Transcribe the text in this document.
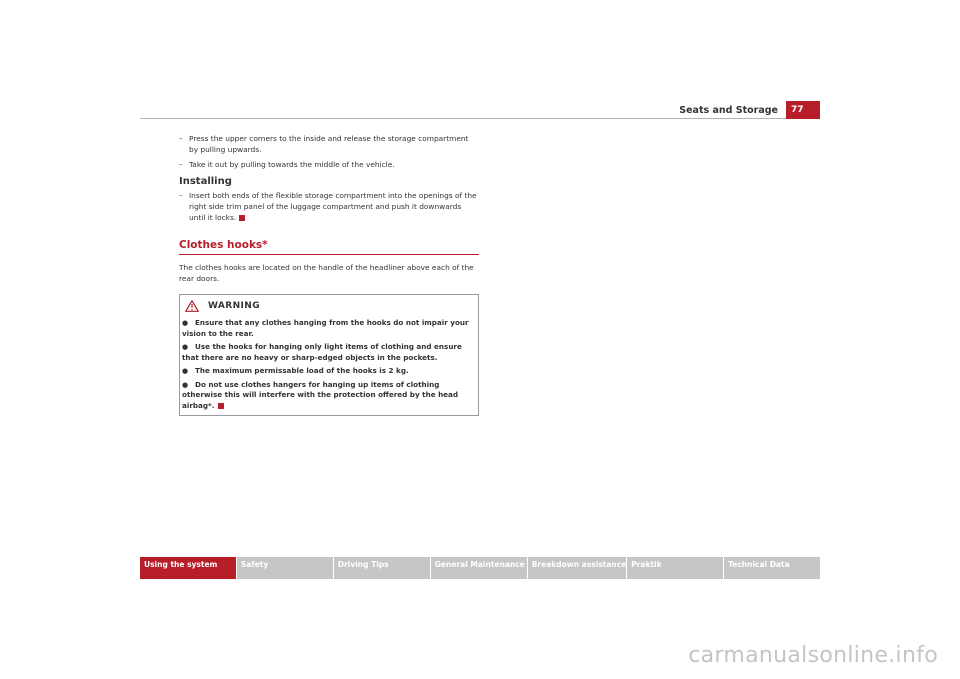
Seats and Storage	77
– Press the upper corners to the inside and release the storage compartment by pulling upwards.
– Take it out by pulling towards the middle of the vehicle.
Installing
– Insert both ends of the flexible storage compartment into the openings of the right side trim panel of the luggage compartment and push it downwards until it locks.
Clothes hooks*
The clothes hooks are located on the handle of the headliner above each of the rear doors.
WARNING
● Ensure that any clothes hanging from the hooks do not impair your vision to the rear.
● Use the hooks for hanging only light items of clothing and ensure that there are no heavy or sharp-edged objects in the pockets.
● The maximum permissable load of the hooks is 2 kg.
● Do not use clothes hangers for hanging up items of clothing otherwise this will interfere with the protection offered by the head airbag*.
Using the system	Safety	Driving Tips	General Maintenance Breakdown assistance Praktik	Technical Data
carmanualsonline.info
